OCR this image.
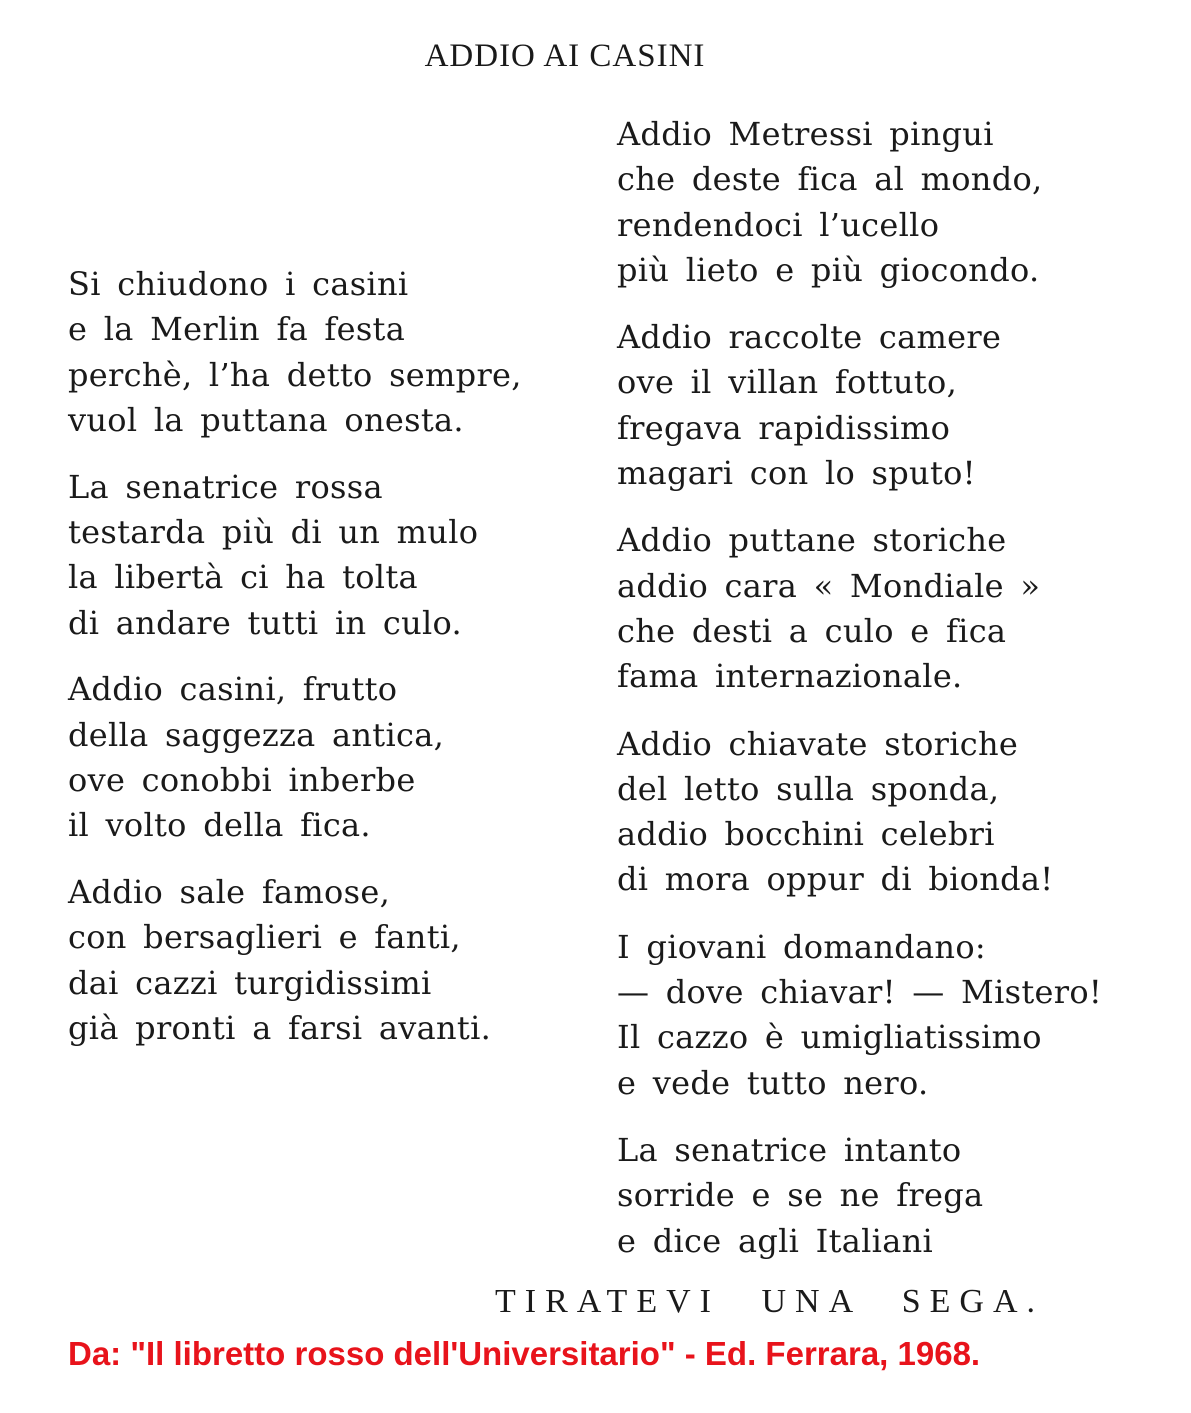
ADDIO AI CASINI
Si chiudono i casini
e la Merlin fa festa
perchè, l’ha detto sempre,
vuol la puttana onesta.
La senatrice rossa
testarda più di un mulo
la libertà ci ha tolta
di andare tutti in culo.
Addio casini, frutto
della saggezza antica,
ove conobbi inberbe
il volto della fica.
Addio sale famose,
con bersaglieri e fanti,
dai cazzi turgidissimi
già pronti a farsi avanti.
Addio Metressi pingui
che deste fica al mondo,
rendendoci l’ucello
più lieto e più giocondo.
Addio raccolte camere
ove il villan fottuto,
fregava rapidissimo
magari con lo sputo!
Addio puttane storiche
addio cara « Mondiale »
che desti a culo e fica
fama internazionale.
Addio chiavate storiche
del letto sulla sponda,
addio bocchini celebri
di mora oppur di bionda!
I giovani domandano:
— dove chiavar! — Mistero!
Il cazzo è umigliatissimo
e vede tutto nero.
La senatrice intanto
sorride e se ne frega
e dice agli Italiani
TIRATEVI UNA SEGA.
Da: "Il libretto rosso dell'Universitario" - Ed. Ferrara, 1968.
